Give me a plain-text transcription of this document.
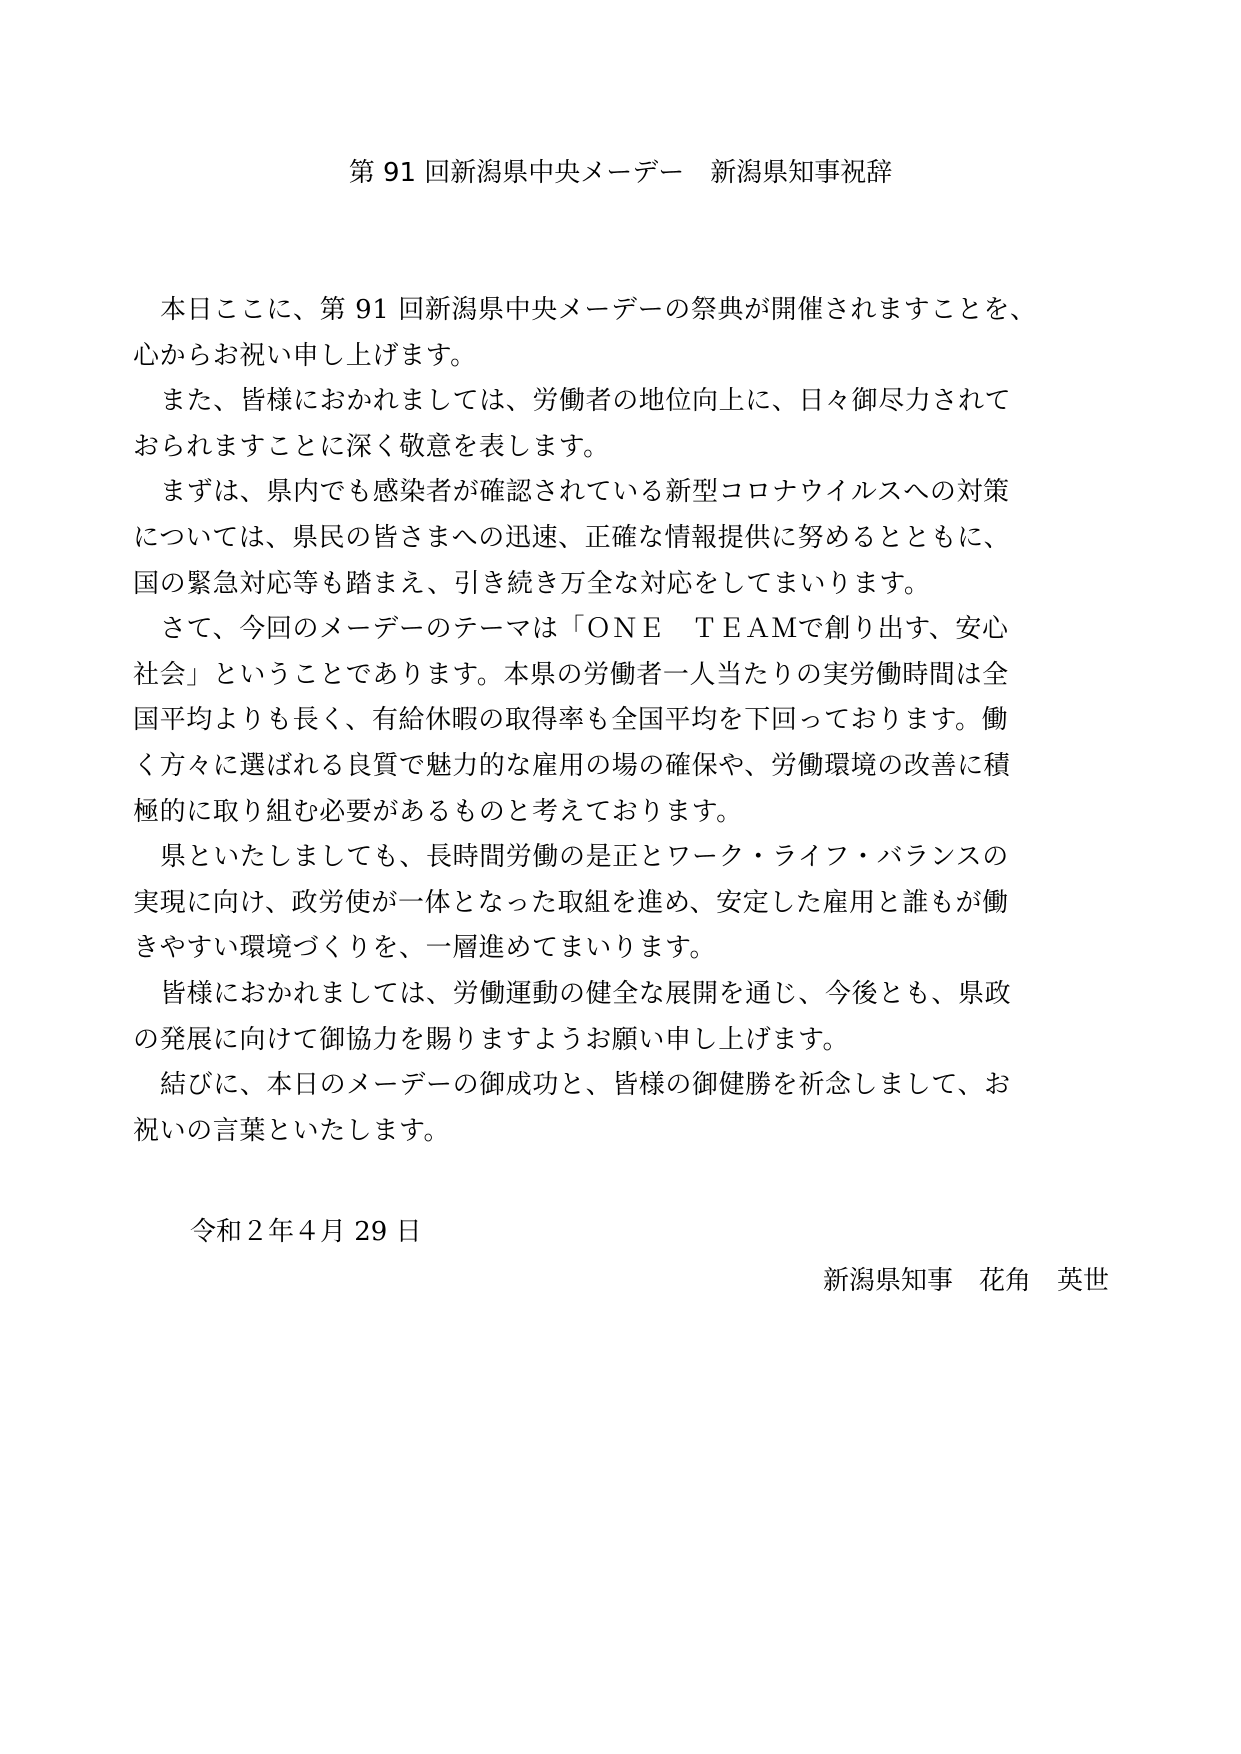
第 91 回新潟県中央メーデー　新潟県知事祝辞
本日ここに、第 91 回新潟県中央メーデーの祭典が開催されますことを、
心からお祝い申し上げます。
また、皆様におかれましては、労働者の地位向上に、日々御尽力されて
おられますことに深く敬意を表します。
まずは、県内でも感染者が確認されている新型コロナウイルスへの対策
については、県民の皆さまへの迅速、正確な情報提供に努めるとともに、
国の緊急対応等も踏まえ、引き続き万全な対応をしてまいります。
さて、今回のメーデーのテーマは「ＯＮＥ　ＴＥＡＭで創り出す、安心
社会」ということであります。本県の労働者一人当たりの実労働時間は全
国平均よりも長く、有給休暇の取得率も全国平均を下回っております。働
く方々に選ばれる良質で魅力的な雇用の場の確保や、労働環境の改善に積
極的に取り組む必要があるものと考えております。
県といたしましても、長時間労働の是正とワーク・ライフ・バランスの
実現に向け、政労使が一体となった取組を進め、安定した雇用と誰もが働
きやすい環境づくりを、一層進めてまいります。
皆様におかれましては、労働運動の健全な展開を通じ、今後とも、県政
の発展に向けて御協力を賜りますようお願い申し上げます。
結びに、本日のメーデーの御成功と、皆様の御健勝を祈念しまして、お
祝いの言葉といたします。
令和２年４月 29 日
新潟県知事　花角　英世
